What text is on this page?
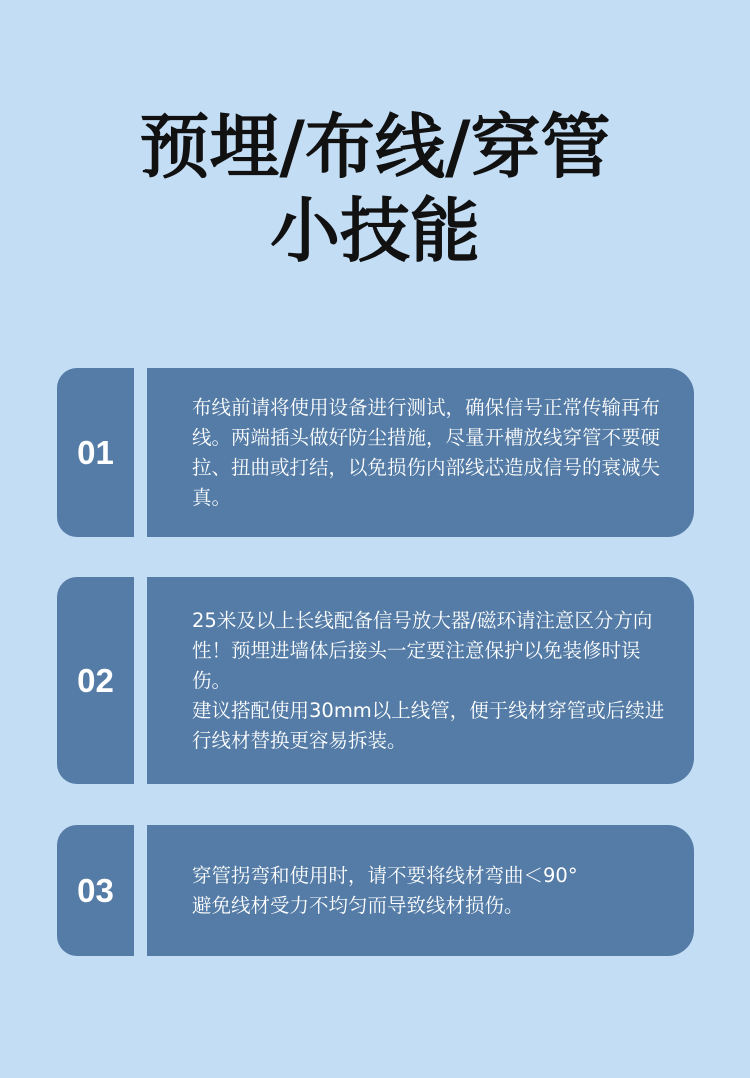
预埋/布线/穿管
小技能
01

布线前请将使用设备进行测试，确保信号正常传输再布线。两端插头做好防尘措施，尽量开槽放线穿管不要硬拉、扭曲或打结，以免损伤内部线芯造成信号的衰减失真。

02

25米及以上长线配备信号放大器/磁环请注意区分方向性！预埋进墙体后接头一定要注意保护以免装修时误伤。

建议搭配使用30mm以上线管，便于线材穿管或后续进行线材替换更容易拆装。

03	穿管拐弯和使用时，请不要将线材弯曲＜90°

避免线材受力不均匀而导致线材损伤。
